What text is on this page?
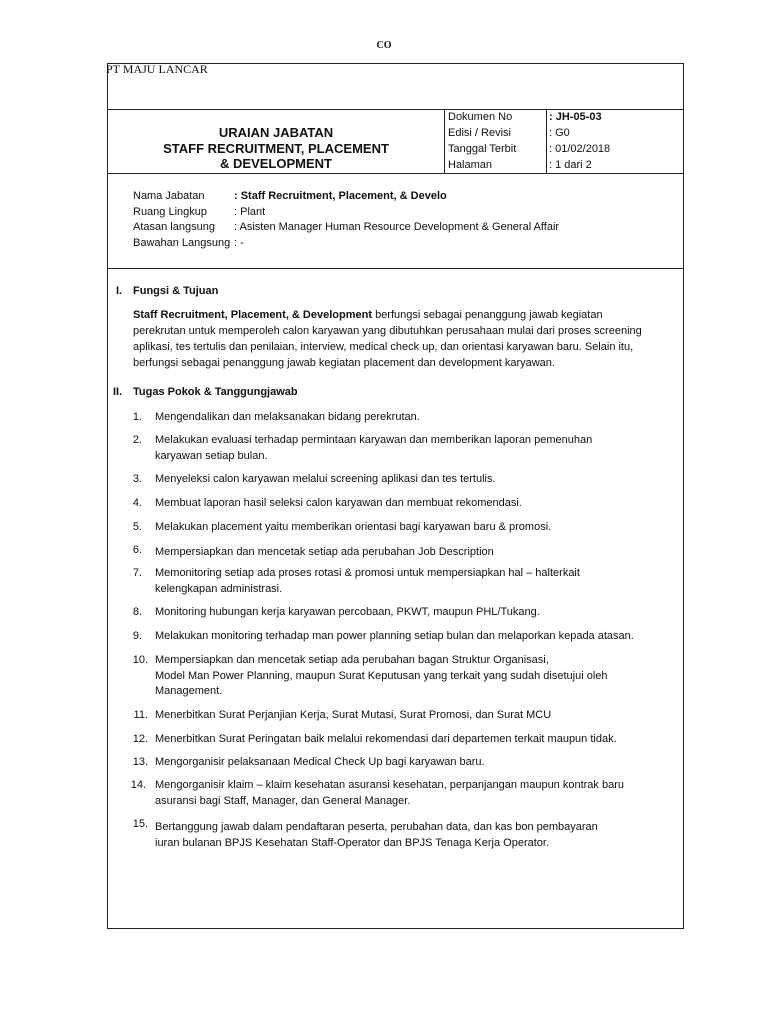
CO
PT MAJU LANCAR
URAIAN JABATAN
STAFF RECRUITMENT, PLACEMENT
& DEVELOPMENT
Dokumen No
Edisi / Revisi
Tanggal Terbit
Halaman
: JH-05-03
: G0
: 01/02/2018
: 1 dari 2
Nama Jabatan
Ruang Lingkup
Atasan langsung
Bawahan Langsung
: Staff Recruitment, Placement, & Develo
: Plant
: Asisten Manager Human Resource Development & General Affair
: -
I. Fungsi & Tujuan
Staff Recruitment, Placement, & Development berfungsi sebagai penanggung jawab kegiatan
perekrutan untuk memperoleh calon karyawan yang dibutuhkan perusahaan mulai dari proses screening
aplikasi, tes tertulis dan penilaian, interview, medical check up, dan orientasi karyawan baru. Selain itu,
berfungsi sebagai penanggung jawab kegiatan placement dan development karyawan.
II. Tugas Pokok & Tanggungjawab
1. Mengendalikan dan melaksanakan bidang perekrutan.
2. Melakukan evaluasi terhadap permintaan karyawan dan memberikan laporan pemenuhan
karyawan setiap bulan.
3. Menyeleksi calon karyawan melalui screening aplikasi dan tes tertulis.
4. Membuat laporan hasil seleksi calon karyawan dan membuat rekomendasi.
5. Melakukan placement yaitu memberikan orientasi bagi karyawan baru & promosi.
6. Mempersiapkan dan mencetak setiap ada perubahan Job Description
7. Memonitoring setiap ada proses rotasi & promosi untuk mempersiapkan hal – halterkait
kelengkapan administrasi.
8. Monitoring hubungan kerja karyawan percobaan, PKWT, maupun PHL/Tukang.
9. Melakukan monitoring terhadap man power planning setiap bulan dan melaporkan kepada atasan.
10. Mempersiapkan dan mencetak setiap ada perubahan bagan Struktur Organisasi,
Model Man Power Planning, maupun Surat Keputusan yang terkait yang sudah disetujui oleh
Management.
11. Menerbitkan Surat Perjanjian Kerja, Surat Mutasi, Surat Promosi, dan Surat MCU
12. Menerbitkan Surat Peringatan baik melalui rekomendasi dari departemen terkait maupun tidak.
13. Mengorganisir pelaksanaan Medical Check Up bagi karyawan baru.
14. Mengorganisir klaim – klaim kesehatan asuransi kesehatan, perpanjangan maupun kontrak baru
asuransi bagi Staff, Manager, dan General Manager.
15. Bertanggung jawab dalam pendaftaran peserta, perubahan data, dan kas bon pembayaran
iuran bulanan BPJS Kesehatan Staff-Operator dan BPJS Tenaga Kerja Operator.
